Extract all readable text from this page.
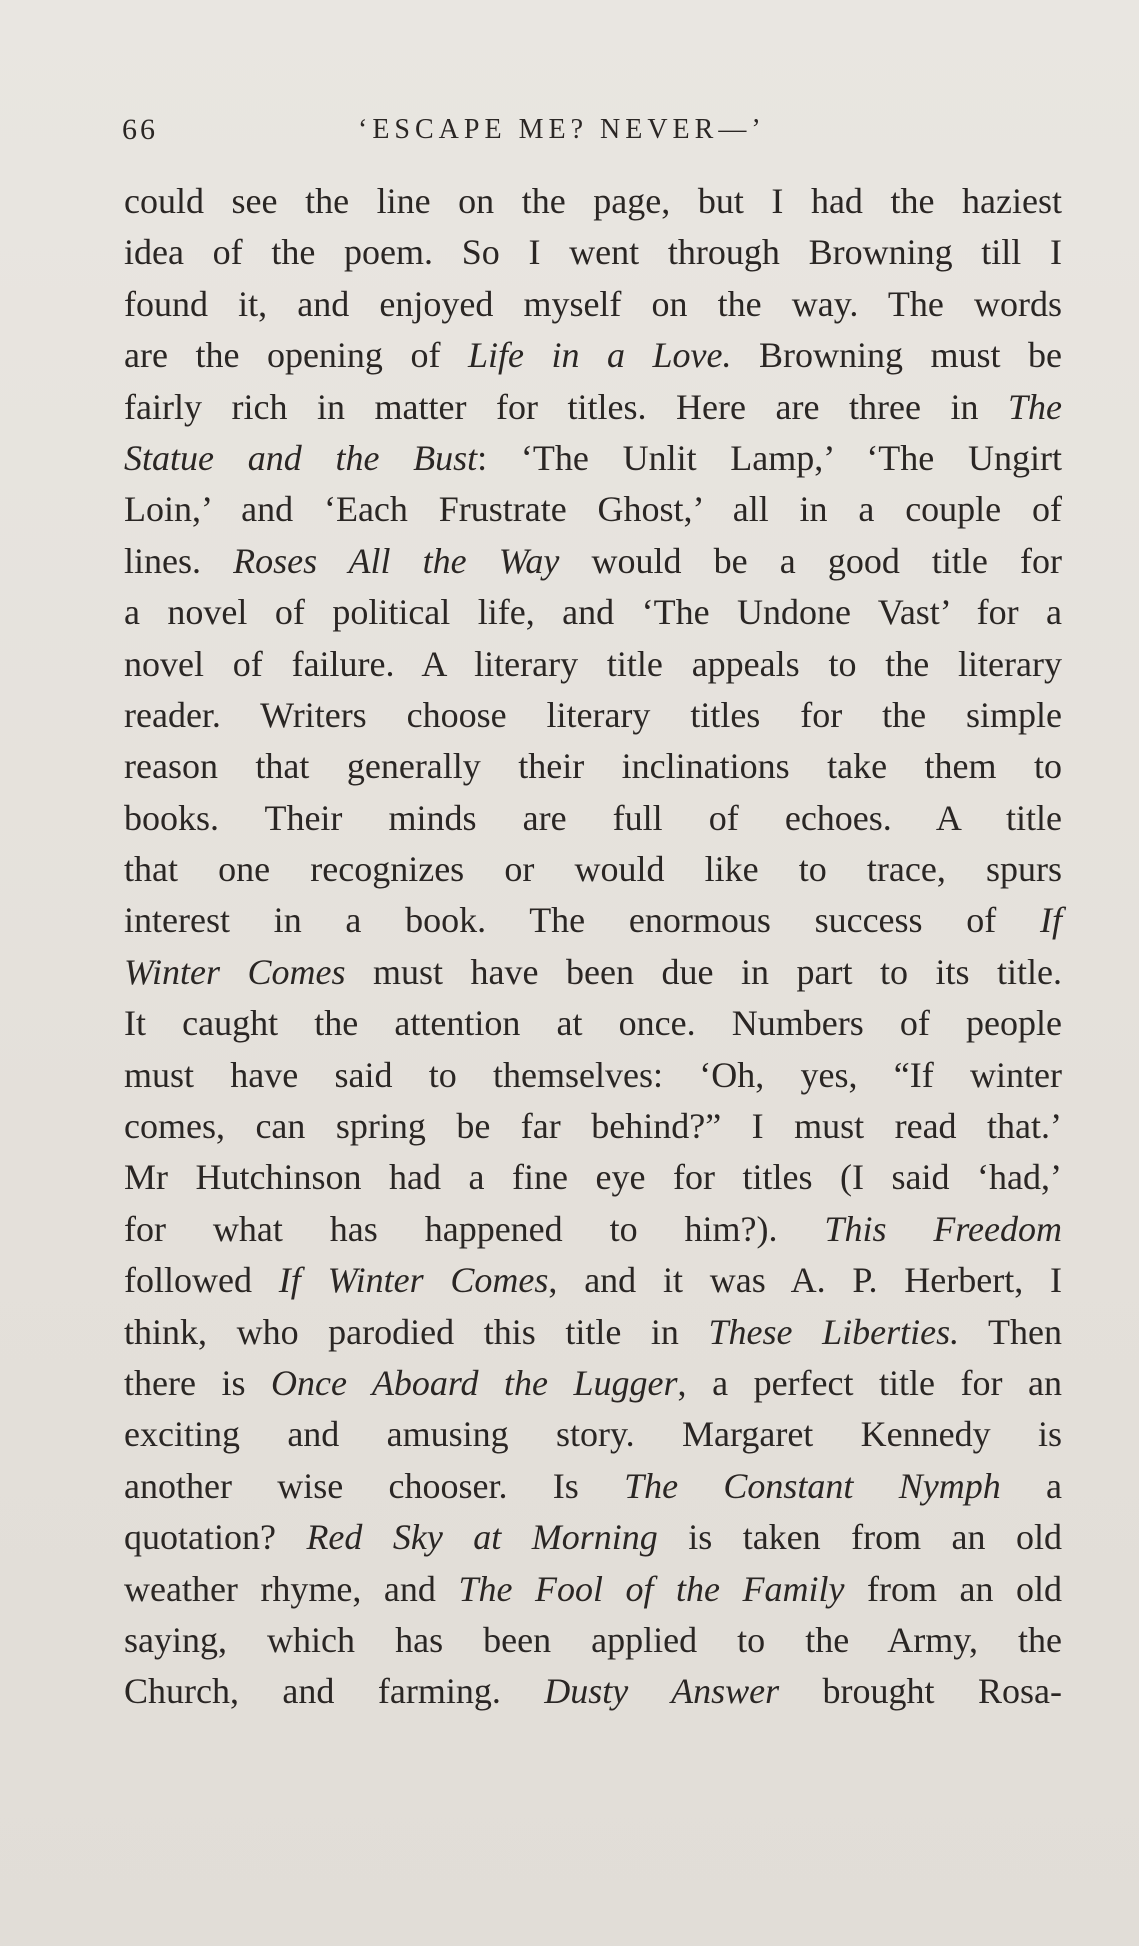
66	‘ESCAPE ME? NEVER—’
could see the line on the page, but I had the haziest
idea of the poem. So I went through Browning till I
found it, and enjoyed myself on the way. The words
are the opening of Life in a Love. Browning must be
fairly rich in matter for titles. Here are three in The
Statue and the Bust: ‘The Unlit Lamp,’ ‘The Ungirt
Loin,’ and ‘Each Frustrate Ghost,’ all in a couple of
lines. Roses All the Way would be a good title for
a novel of political life, and ‘The Undone Vast’ for a
novel of failure. A literary title appeals to the literary
reader. Writers choose literary titles for the simple
reason that generally their inclinations take them to
books. Their minds are full of echoes. A title
that one recognizes or would like to trace, spurs
interest in a book. The enormous success of If
Winter Comes must have been due in part to its title.
It caught the attention at once. Numbers of people
must have said to themselves: ‘Oh, yes, “If winter
comes, can spring be far behind?” I must read that.’
Mr Hutchinson had a fine eye for titles (I said ‘had,’
for what has happened to him?). This Freedom
followed If Winter Comes, and it was A. P. Herbert, I
think, who parodied this title in These Liberties. Then
there is Once Aboard the Lugger, a perfect title for an
exciting and amusing story. Margaret Kennedy is
another wise chooser. Is The Constant Nymph a
quotation? Red Sky at Morning is taken from an old
weather rhyme, and The Fool of the Family from an old
saying, which has been applied to the Army, the
Church, and farming. Dusty Answer brought Rosa-
